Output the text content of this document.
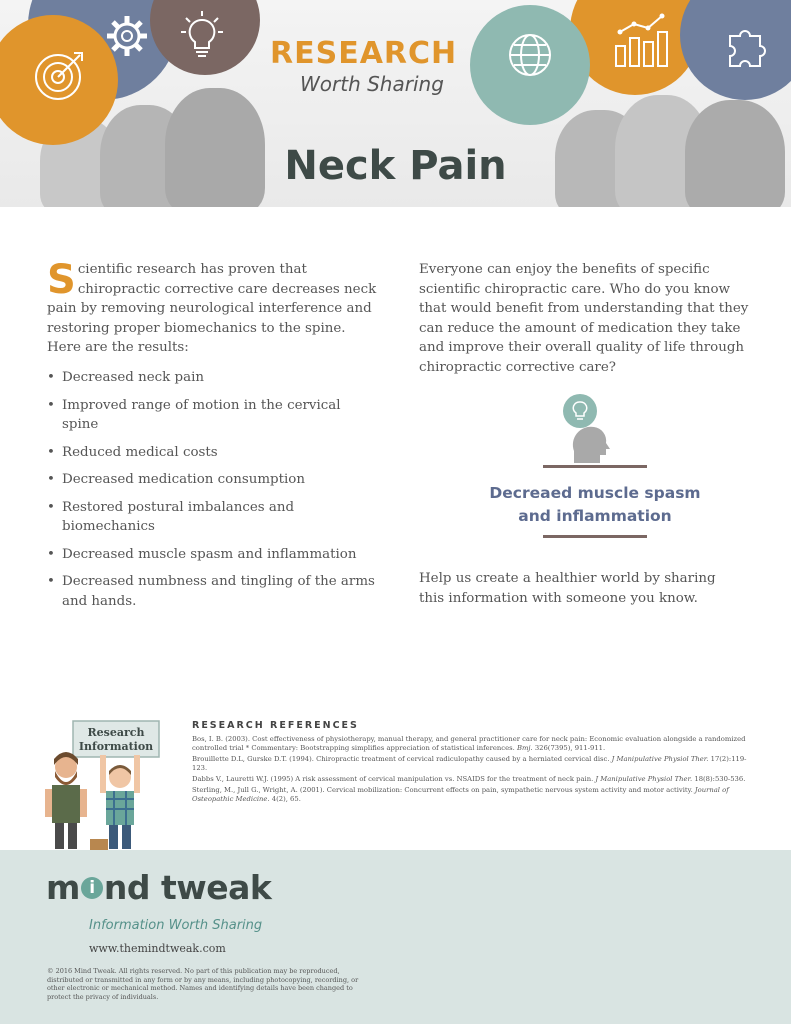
RESEARCH
Worth Sharing
Neck Pain
Scientific research has proven that chiropractic corrective care decreases neck pain by removing neurological interference and restoring proper biomechanics to the spine. Here are the results:
• Decreased neck pain
• Improved range of motion in the cervical spine
• Reduced medical costs
• Decreased medication consumption
• Restored postural imbalances and biomechanics
• Decreased muscle spasm and inflammation
• Decreased numbness and tingling of the arms and hands.
Everyone can enjoy the benefits of specific scientific chiropractic care. Who do you know that would benefit from understanding that they can reduce the amount of medication they take and improve their overall quality of life through chiropractic corrective care?
Decreaed muscle spasm
and inflammation
Help us create a healthier world by sharing this information with someone you know.
Research
Information
RESEARCH REFERENCES

Bos, I. B. (2003). Cost effectiveness of physiotherapy, manual therapy, and general practitioner care for neck pain: Economic evaluation alongside a randomized controlled trial * Commentary: Bootstrapping simplifies appreciation of statistical inferences. Bmj. 326(7395), 911-911.

Brouillette D.L, Gurske D.T. (1994). Chiropractic treatment of cervical radiculopathy caused by a herniated cervical disc. J Manipulative Physiol Ther. 17(2):119-123.

Dabbs V., Lauretti W.J. (1995) A risk assessment of cervical manipulation vs. NSAIDS for the treatment of neck pain. J Manipulative Physiol Ther. 18(8):530-536.

Sterling, M., Jull G., Wright, A. (2001). Cervical mobilization: Concurrent effects on pain, sympathetic nervous system activity and motor activity. Journal of Osteopathic Medicine. 4(2), 65.

m i nd tweak
Information Worth Sharing
www.themindtweak.com
© 2016 Mind Tweak. All rights reserved. No part of this publication may be reproduced, distributed or transmitted in any form or by any means, including photocopying, recording, or other electronic or mechanical method. Names and identifying details have been changed to protect the privacy of individuals.
